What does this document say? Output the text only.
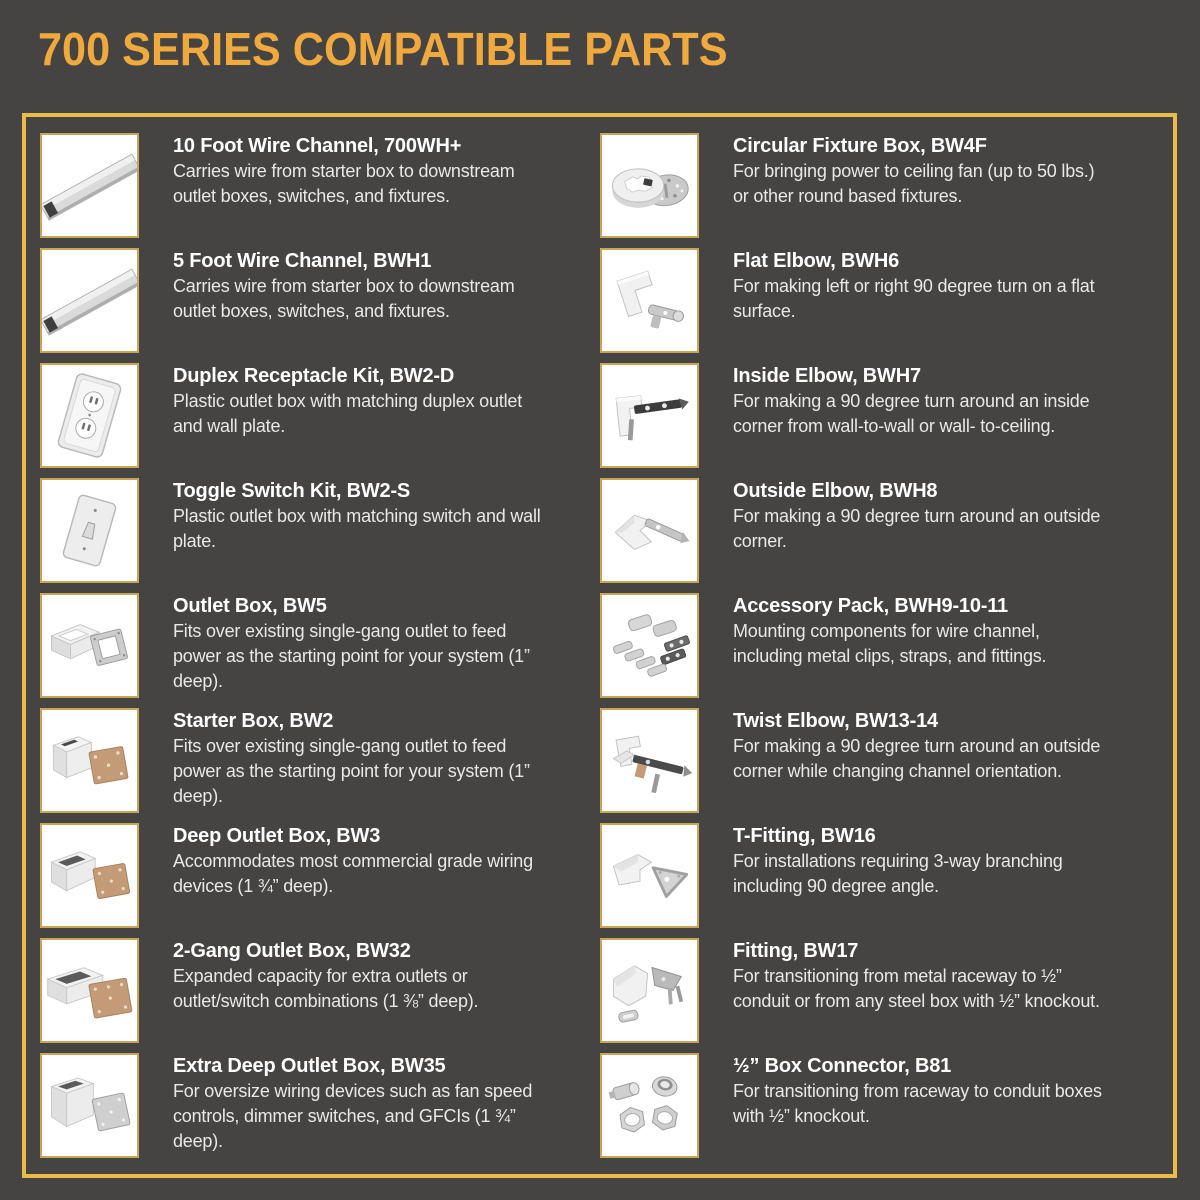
700 SERIES COMPATIBLE PARTS
10 Foot Wire Channel, 700WH+
Carries wire from starter box to downstream outlet boxes, switches, and fixtures.
5 Foot Wire Channel, BWH1
Carries wire from starter box to downstream outlet boxes, switches, and fixtures.
Duplex Receptacle Kit, BW2-D
Plastic outlet box with matching duplex outlet and wall plate.
Toggle Switch Kit, BW2-S
Plastic outlet box with matching switch and wall plate.
Outlet Box, BW5
Fits over existing single-gang outlet to feed power as the starting point for your system (1” deep).
Starter Box, BW2
Fits over existing single-gang outlet to feed power as the starting point for your system (1” deep).
Deep Outlet Box, BW3
Accommodates most commercial grade wiring devices (1 ¾” deep).
2-Gang Outlet Box, BW32
Expanded capacity for extra outlets or outlet/switch combinations (1 ⅜” deep).
Extra Deep Outlet Box, BW35
For oversize wiring devices such as fan speed controls, dimmer switches, and GFCIs (1 ¾” deep).
Circular Fixture Box, BW4F
For bringing power to ceiling fan (up to 50 lbs.) or other round based fixtures.
Flat Elbow, BWH6
For making left or right 90 degree turn on a flat surface.
Inside Elbow, BWH7
For making a 90 degree turn around an inside corner from wall-to-wall or wall- to-ceiling.
Outside Elbow, BWH8
For making a 90 degree turn around an outside corner.
Accessory Pack, BWH9-10-11
Mounting components for wire channel, including metal clips, straps, and fittings.
Twist Elbow, BW13-14
For making a 90 degree turn around an outside corner while changing channel orientation.
T-Fitting, BW16
For installations requiring 3-way branching including 90 degree angle.
Fitting, BW17
For transitioning from metal raceway to ½” conduit or from any steel box with ½” knockout.
½” Box Connector, B81
For transitioning from raceway to conduit boxes with ½” knockout.
